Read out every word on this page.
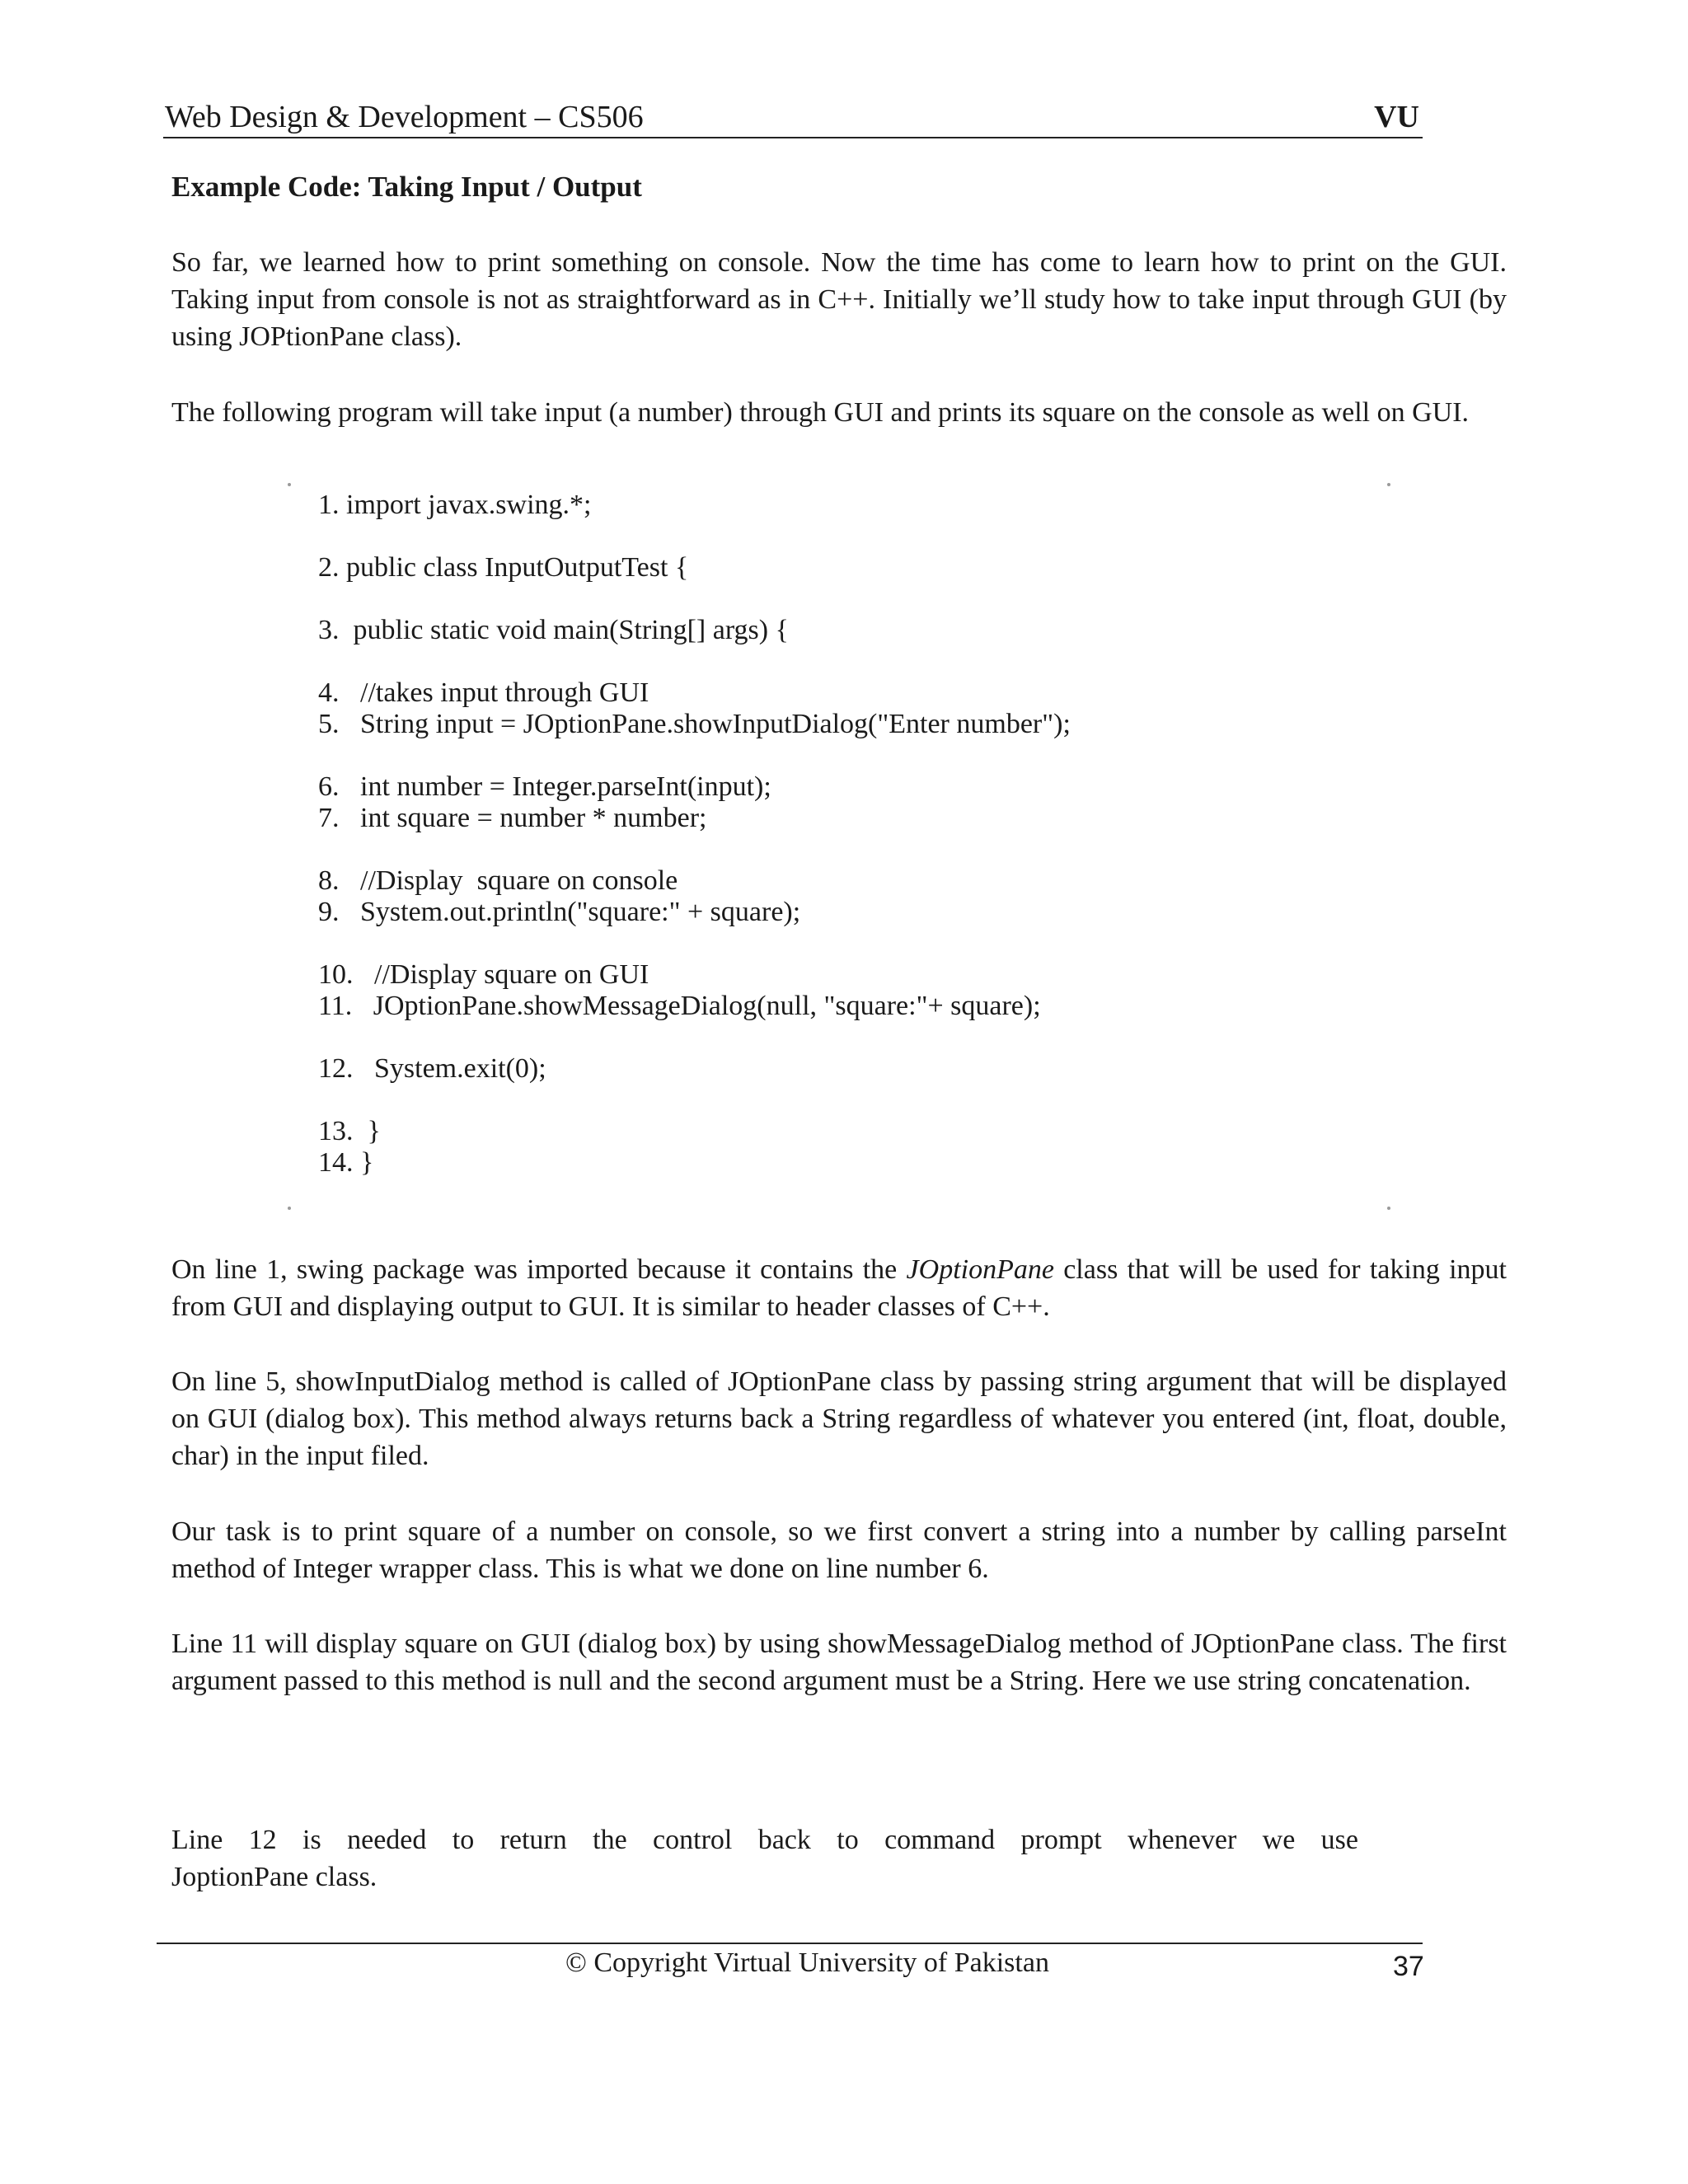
Web Design & Development – CS506	VU
Example Code: Taking Input / Output

So far, we learned how to print something on console. Now the time has come to learn how to print on the GUI. Taking input from console is not as straightforward as in C++. Initially we’ll study how to take input through GUI (by using JOPtionPane class).

The following program will take input (a number) through GUI and prints its square on the console as well on GUI.

1. import javax.swing.*;

2. public class InputOutputTest {

3.  public static void main(String[] args) {

4.   //takes input through GUI

5.   String input = JOptionPane.showInputDialog("Enter number");

6.   int number = Integer.parseInt(input);

7.   int square = number * number;

8.   //Display  square on console

9.   System.out.println("square:" + square);

10.   //Display square on GUI

11.   JOptionPane.showMessageDialog(null, "square:"+ square);

12.   System.exit(0);

13.  }

14. }

On line 1, swing package was imported because it contains the JOptionPane class that will be used for taking input from GUI and displaying output to GUI. It is similar to header classes of C++.

On line 5, showInputDialog method is called of JOptionPane class by passing string argument that will be displayed on GUI (dialog box). This method always returns back a String regardless of whatever you entered (int, float, double, char) in the input filed.

Our task is to print square of a number on console, so we first convert a string into a number by calling parseInt method of Integer wrapper class. This is what we done on line number 6.

Line 11 will display square on GUI (dialog box) by using showMessageDialog method of JOptionPane class. The first argument passed to this method is null and the second argument must be a String. Here we use string concatenation.

Line 12 is needed to return the control back to command prompt whenever we use
JoptionPane class.
© Copyright Virtual University of Pakistan	37
